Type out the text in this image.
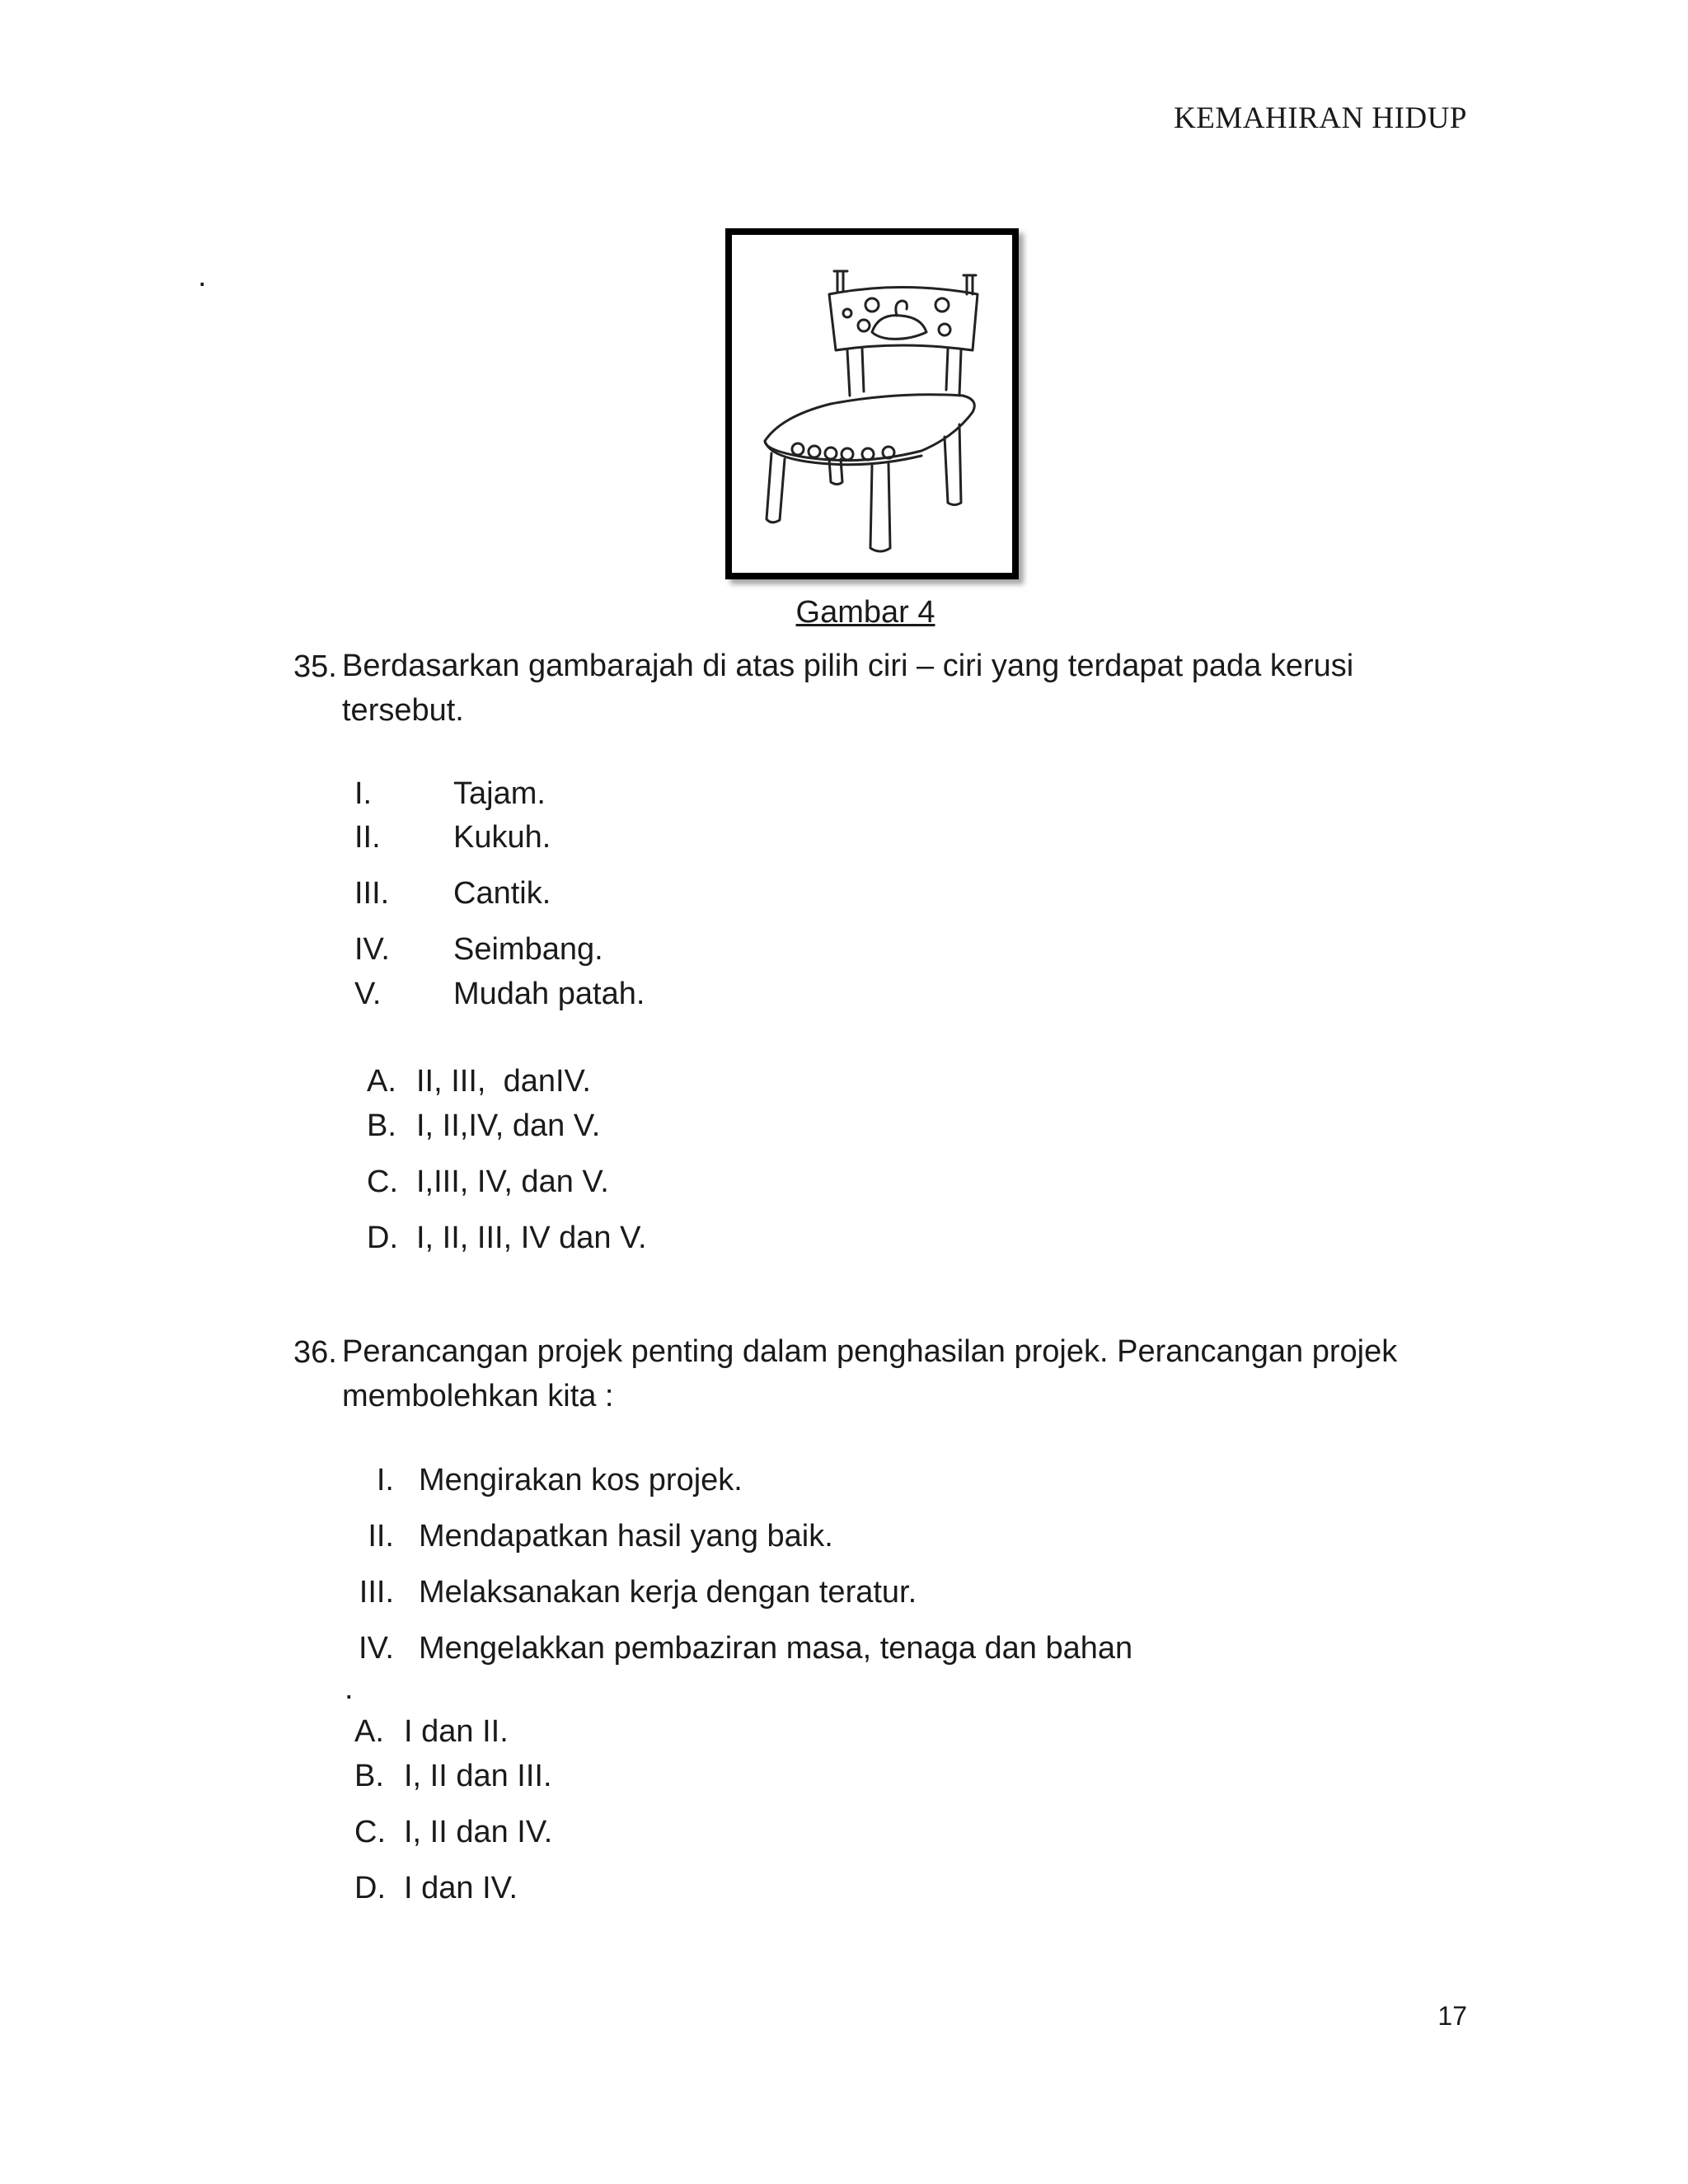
KEMAHIRAN HIDUP
.
Gambar 4
35. Berdasarkan gambarajah di atas pilih ciri – ciri yang terdapat pada kerusi
tersebut.
I.	Tajam.
II.	Kukuh.
III.	Cantik.
IV.	Seimbang.
V.	Mudah patah.
A. II, III,  danIV.
B. I, II,IV, dan V.
C. I,III, IV, dan V.
D. I, II, III, IV dan V.
36. Perancangan projek penting dalam penghasilan projek. Perancangan projek
membolehkan kita :
I. Mengirakan kos projek.
II. Mendapatkan hasil yang baik.
III. Melaksanakan kerja dengan teratur.
IV. Mengelakkan pembaziran masa, tenaga dan bahan
.
A. I dan II.
B. I, II dan III.
C. I, II dan IV.
D. I dan IV.
17
